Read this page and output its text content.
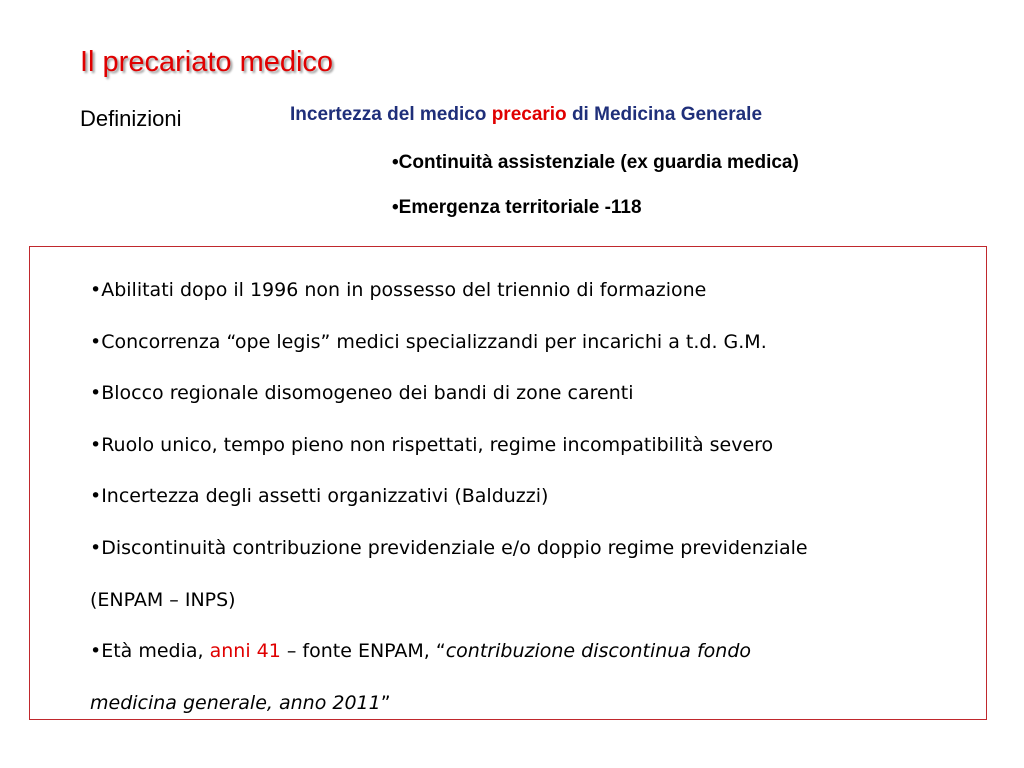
Il precariato medico
Definizioni	Incertezza del medico precario di Medicina Generale
•Continuità assistenziale (ex guardia medica)
•Emergenza territoriale -118
•Abilitati dopo il 1996 non in possesso del triennio di formazione
•Concorrenza “ope legis” medici specializzandi per incarichi a t.d. G.M.
•Blocco regionale disomogeneo dei bandi di zone carenti
•Ruolo unico, tempo pieno non rispettati, regime incompatibilità severo
•Incertezza degli assetti organizzativi (Balduzzi)
•Discontinuità contribuzione previdenziale e/o doppio regime previdenziale
(ENPAM – INPS)
•Età media, anni 41 – fonte ENPAM, “contribuzione discontinua fondo
medicina generale, anno 2011”
